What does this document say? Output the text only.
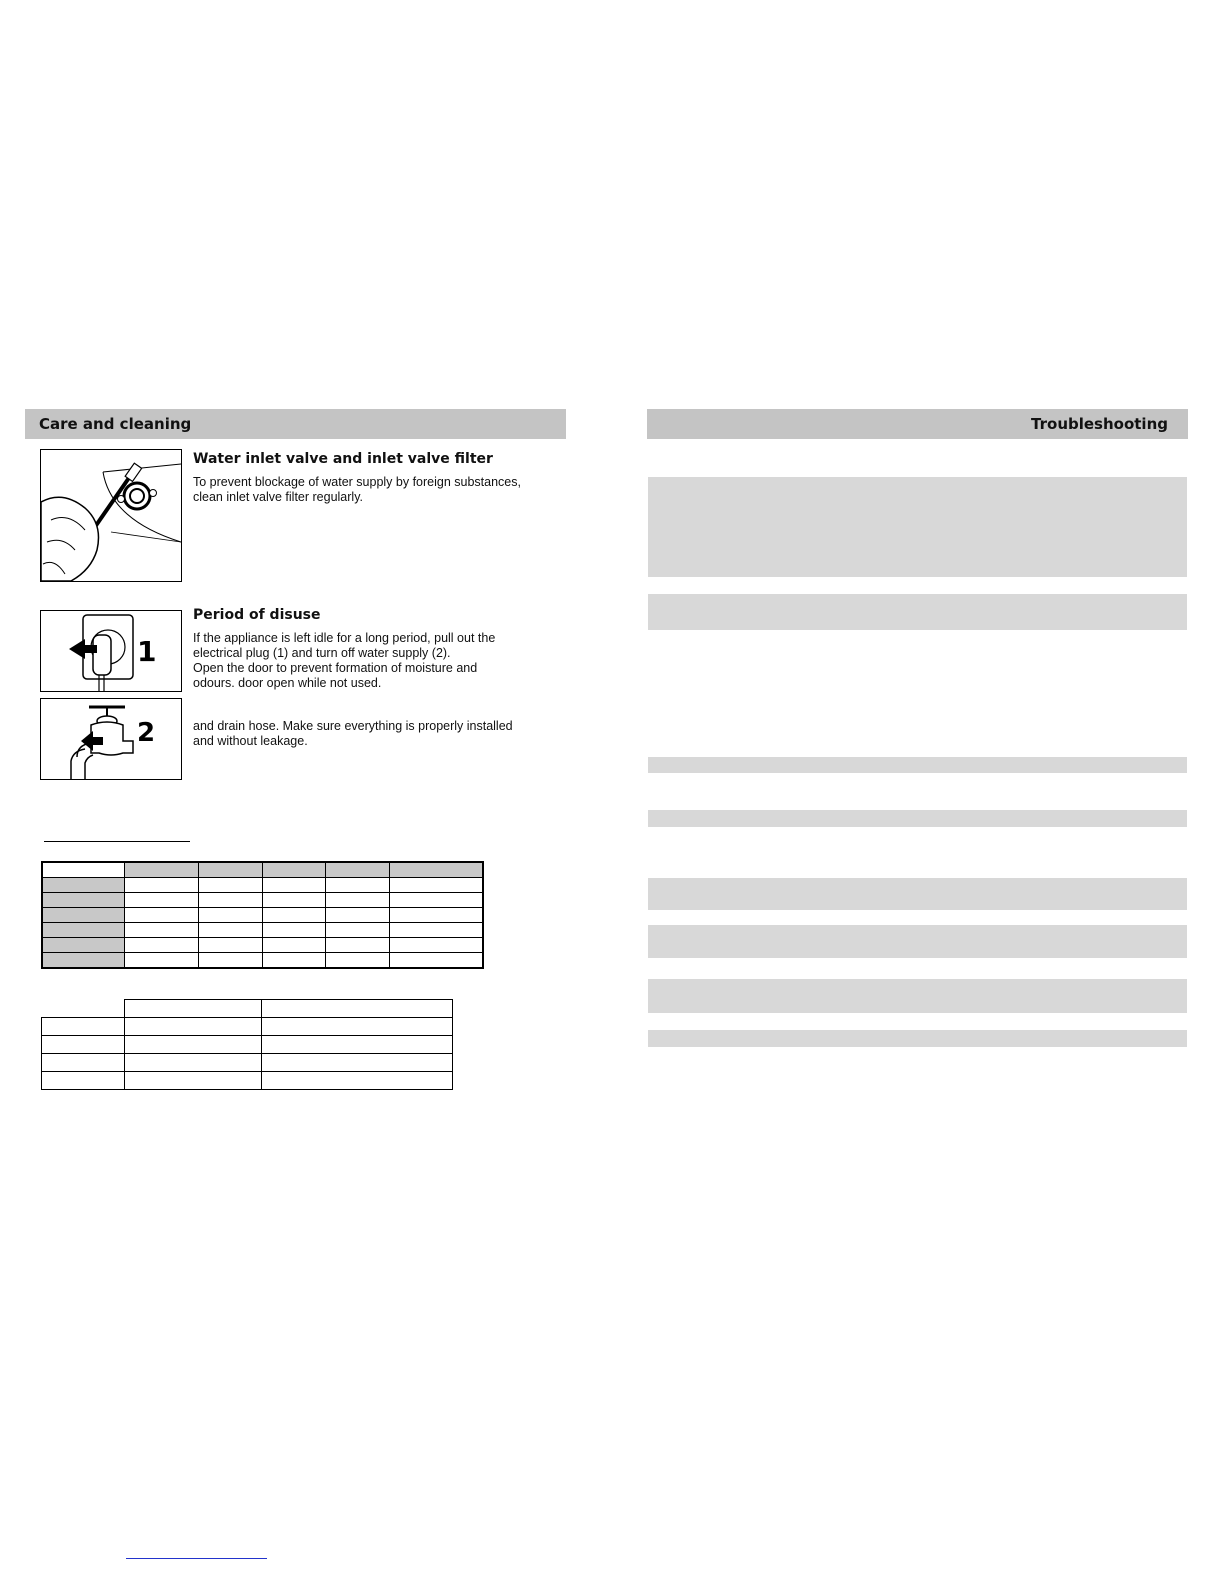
Care and cleaning	Troubleshooting
Water inlet valve and inlet valve filter
To prevent blockage of water supply by foreign substances,
clean inlet valve filter regularly.
1
2
Period of disuse
If the appliance is left idle for a long period, pull out the
electrical plug (1) and turn off water supply (2).
Open the door to prevent formation of moisture and
odours. door open while not used.
and drain hose. Make sure everything is properly installed
and without leakage.
